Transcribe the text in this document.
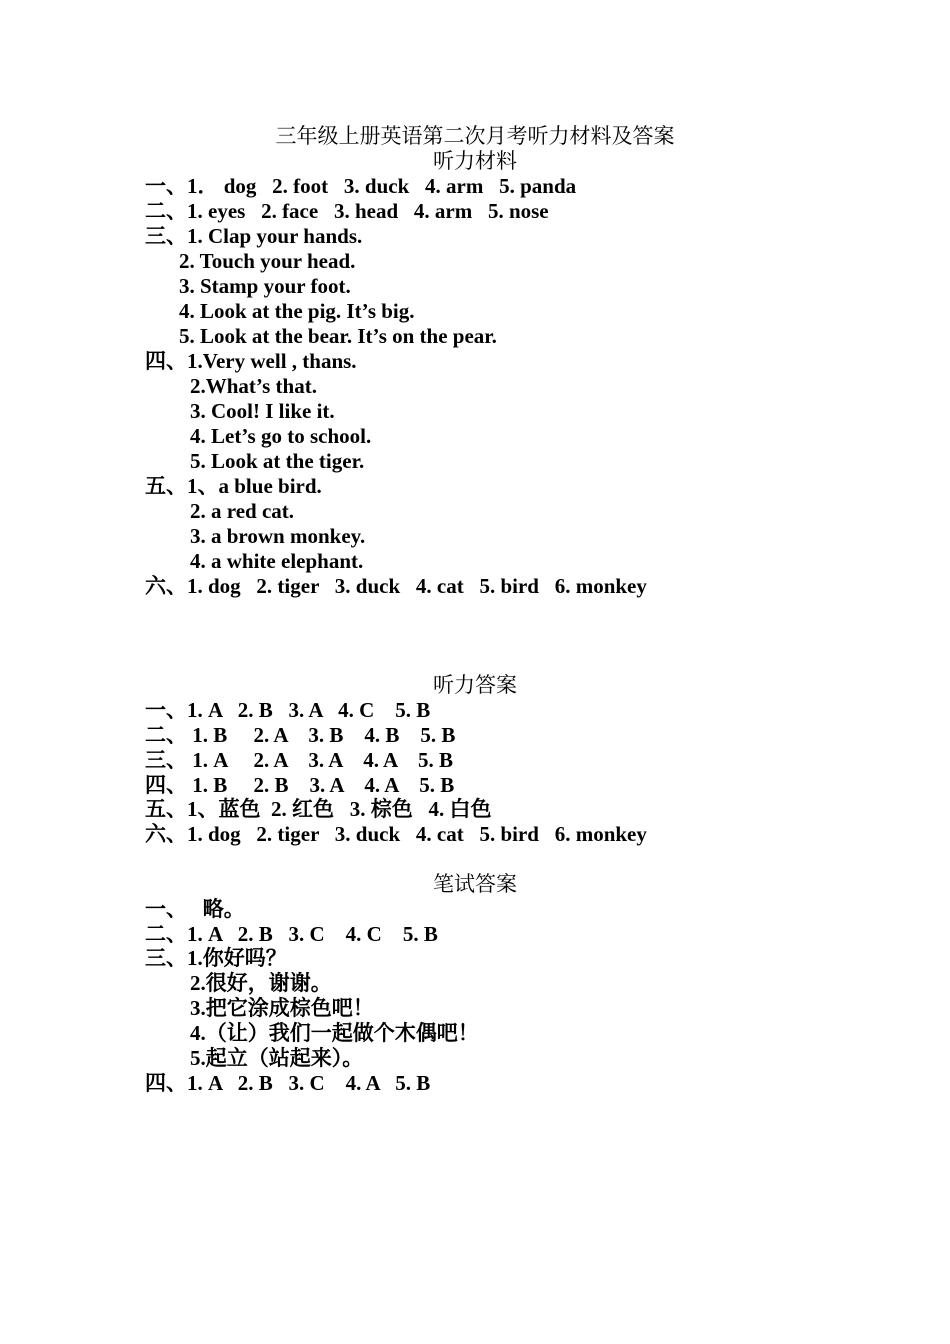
三年级上册英语第二次月考听力材料及答案
听力材料
一、1． dog   2. foot   3. duck   4. arm   5. panda
二、1. eyes   2. face   3. head   4. arm   5. nose
三、1. Clap your hands.
2. Touch your head.
3. Stamp your foot.
4. Look at the pig. It’s big.
5. Look at the bear. It’s on the pear.
四、1.Very well , thans.
2.What’s that.
3. Cool! I like it.
4. Let’s go to school.
5. Look at the tiger.
五、1、a blue bird.
2. a red cat.
3. a brown monkey.
4. a white elephant.
六、1. dog   2. tiger   3. duck   4. cat   5. bird   6. monkey
听力答案
一、1. A   2. B   3. A   4. C    5. B
二、 1. B     2. A    3. B    4. B    5. B
三、 1. A     2. A    3. A    4. A    5. B
四、 1. B     2. B    3. A    4. A    5. B
五、1、蓝色  2. 红色   3. 棕色   4. 白色
六、1. dog   2. tiger   3. duck   4. cat   5. bird   6. monkey
笔试答案
一、   略。
二、1. A   2. B   3. C    4. C    5. B
三、1.你好吗？
2.很好，谢谢。
3.把它涂成棕色吧！
4.（让）我们一起做个木偶吧！
5.起立（站起来）。
四、1. A   2. B   3. C    4. A   5. B
